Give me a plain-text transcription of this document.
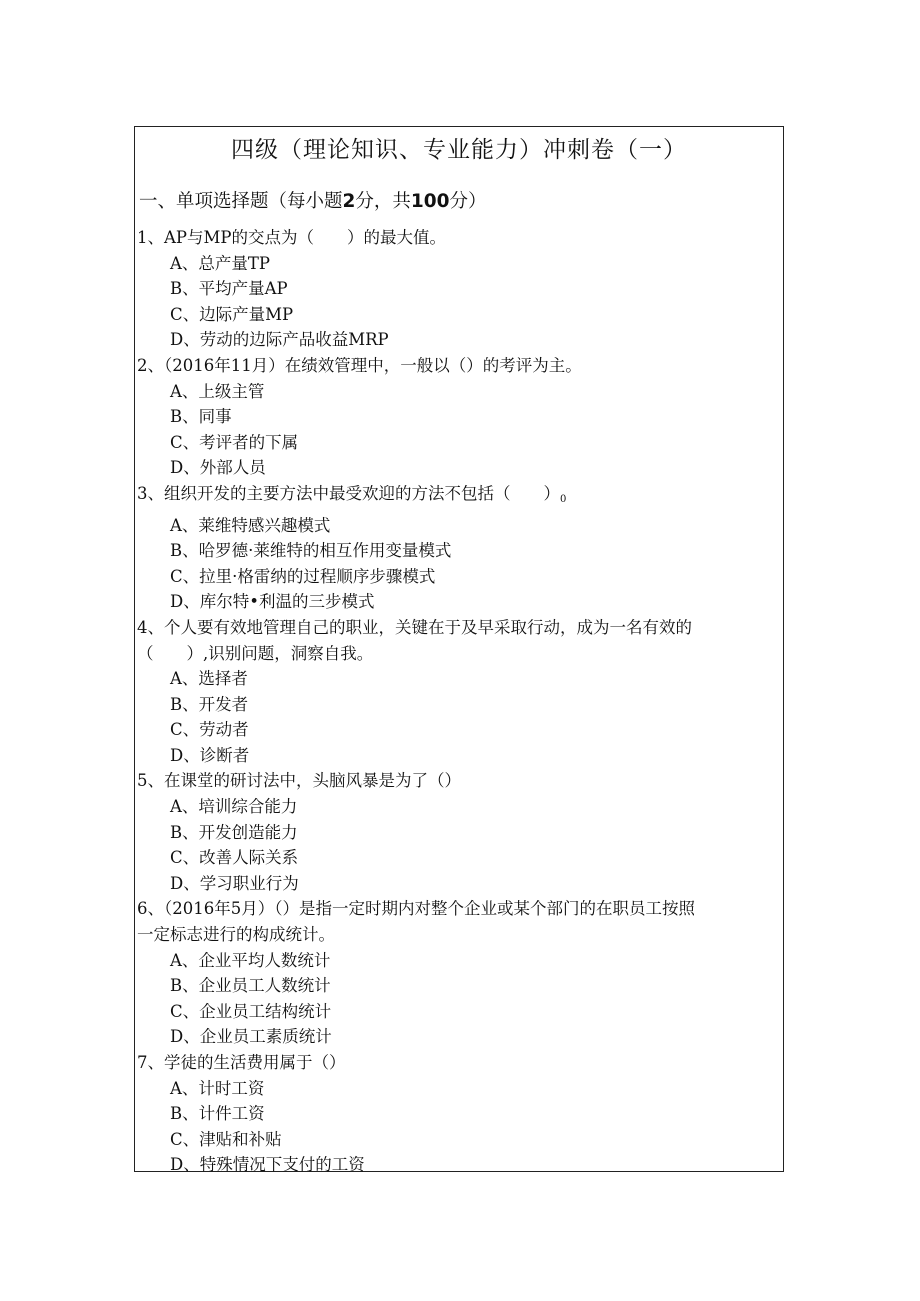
四级（理论知识、专业能力）冲刺卷（一）
一、单项选择题（每小题2分，共100分）
1、AP与MP的交点为（　　）的最大值。
A、总产量TP
B、平均产量AP
C、边际产量MP
D、劳动的边际产品收益MRP
2、（2016年11月）在绩效管理中，一般以（）的考评为主。
A、上级主管
B、同事
C、考评者的下属
D、外部人员
3、组织开发的主要方法中最受欢迎的方法不包括（　　）0
A、莱维特感兴趣模式
B、哈罗德·莱维特的相互作用变量模式
C、拉里·格雷纳的过程顺序步骤模式
D、库尔特•利温的三步模式
4、个人要有效地管理自己的职业，关键在于及早采取行动，成为一名有效的
（　　）,识别问题，洞察自我。
A、选择者
B、开发者
C、劳动者
D、诊断者
5、在课堂的研讨法中，头脑风暴是为了（）
A、培训综合能力
B、开发创造能力
C、改善人际关系
D、学习职业行为
6、（2016年5月）（）是指一定时期内对整个企业或某个部门的在职员工按照
一定标志进行的构成统计。
A、企业平均人数统计
B、企业员工人数统计
C、企业员工结构统计
D、企业员工素质统计
7、学徒的生活费用属于（）
A、计时工资
B、计件工资
C、津贴和补贴
D、特殊情况下支付的工资
